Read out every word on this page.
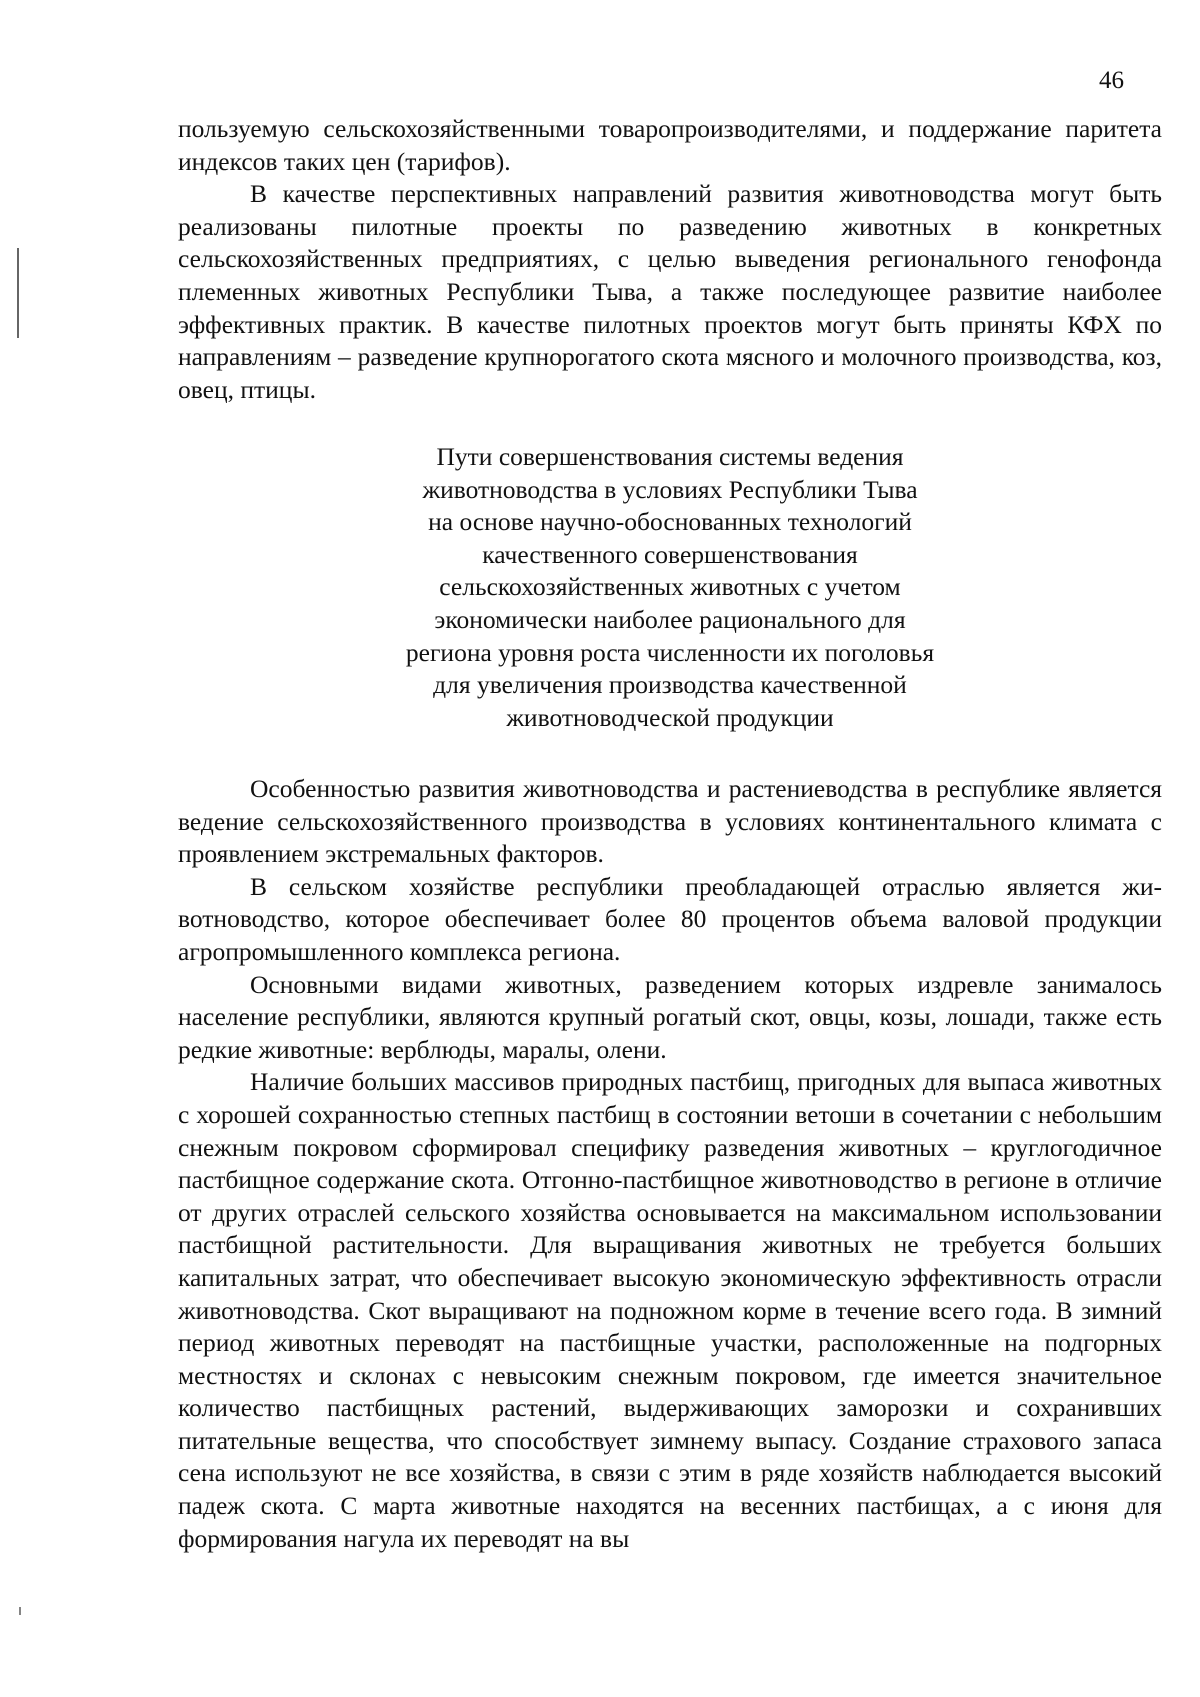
46

пользуемую сельскохозяйственными товаропроизводителями, и поддержание паритета индексов таких цен (тарифов).

В качестве перспективных направлений развития животноводства могут быть реализованы пилотные проекты по разведению животных в конкретных сельскохозяйственных предприятиях, с целью выведения регионального генофонда племенных животных Республики Тыва, а также последующее развитие наиболее эффективных практик. В качестве пилотных проектов могут быть приняты КФХ по направлениям – разведение крупнорогатого скота мясного и молочного производства, коз, овец, птицы.

Пути совершенствования системы ведения
животноводства в условиях Республики Тыва
на основе научно-обоснованных технологий
качественного совершенствования
сельскохозяйственных животных с учетом
экономически наиболее рационального для
региона уровня роста численности их поголовья
для увеличения производства качественной
животноводческой продукции

Особенностью развития животноводства и растениеводства в республике является ведение сельскохозяйственного производства в условиях континентального климата с проявлением экстремальных факторов.

В сельском хозяйстве республики преобладающей отраслью является животноводство, которое обеспечивает более 80 процентов объема валовой продукции агропромышленного комплекса региона.

Основными видами животных, разведением которых издревле занималось население республики, являются крупный рогатый скот, овцы, козы, лошади, также есть редкие животные: верблюды, маралы, олени.

Наличие больших массивов природных пастбищ, пригодных для выпаса животных с хорошей сохранностью степных пастбищ в состоянии ветоши в сочетании с небольшим снежным покровом сформировал специфику разведения животных – круглогодичное пастбищное содержание скота. Отгонно-пастбищное животноводство в регионе в отличие от других отраслей сельского хозяйства основывается на максимальном использовании пастбищной растительности. Для выращивания животных не требуется больших капитальных затрат, что обеспечивает высокую экономическую эффективность отрасли животноводства. Скот выращивают на подножном корме в течение всего года. В зимний период животных переводят на пастбищные участки, расположенные на подгорных местностях и склонах с невысоким снежным покровом, где имеется значительное количество пастбищных растений, выдерживающих заморозки и сохранивших питательные вещества, что способствует зимнему выпасу. Создание страхового запаса сена используют не все хозяйства, в связи с этим в ряде хозяйств наблюдается высокий падеж скота. С марта животные находятся на весенних пастбищах, а с июня для формирования нагула их переводят на вы
